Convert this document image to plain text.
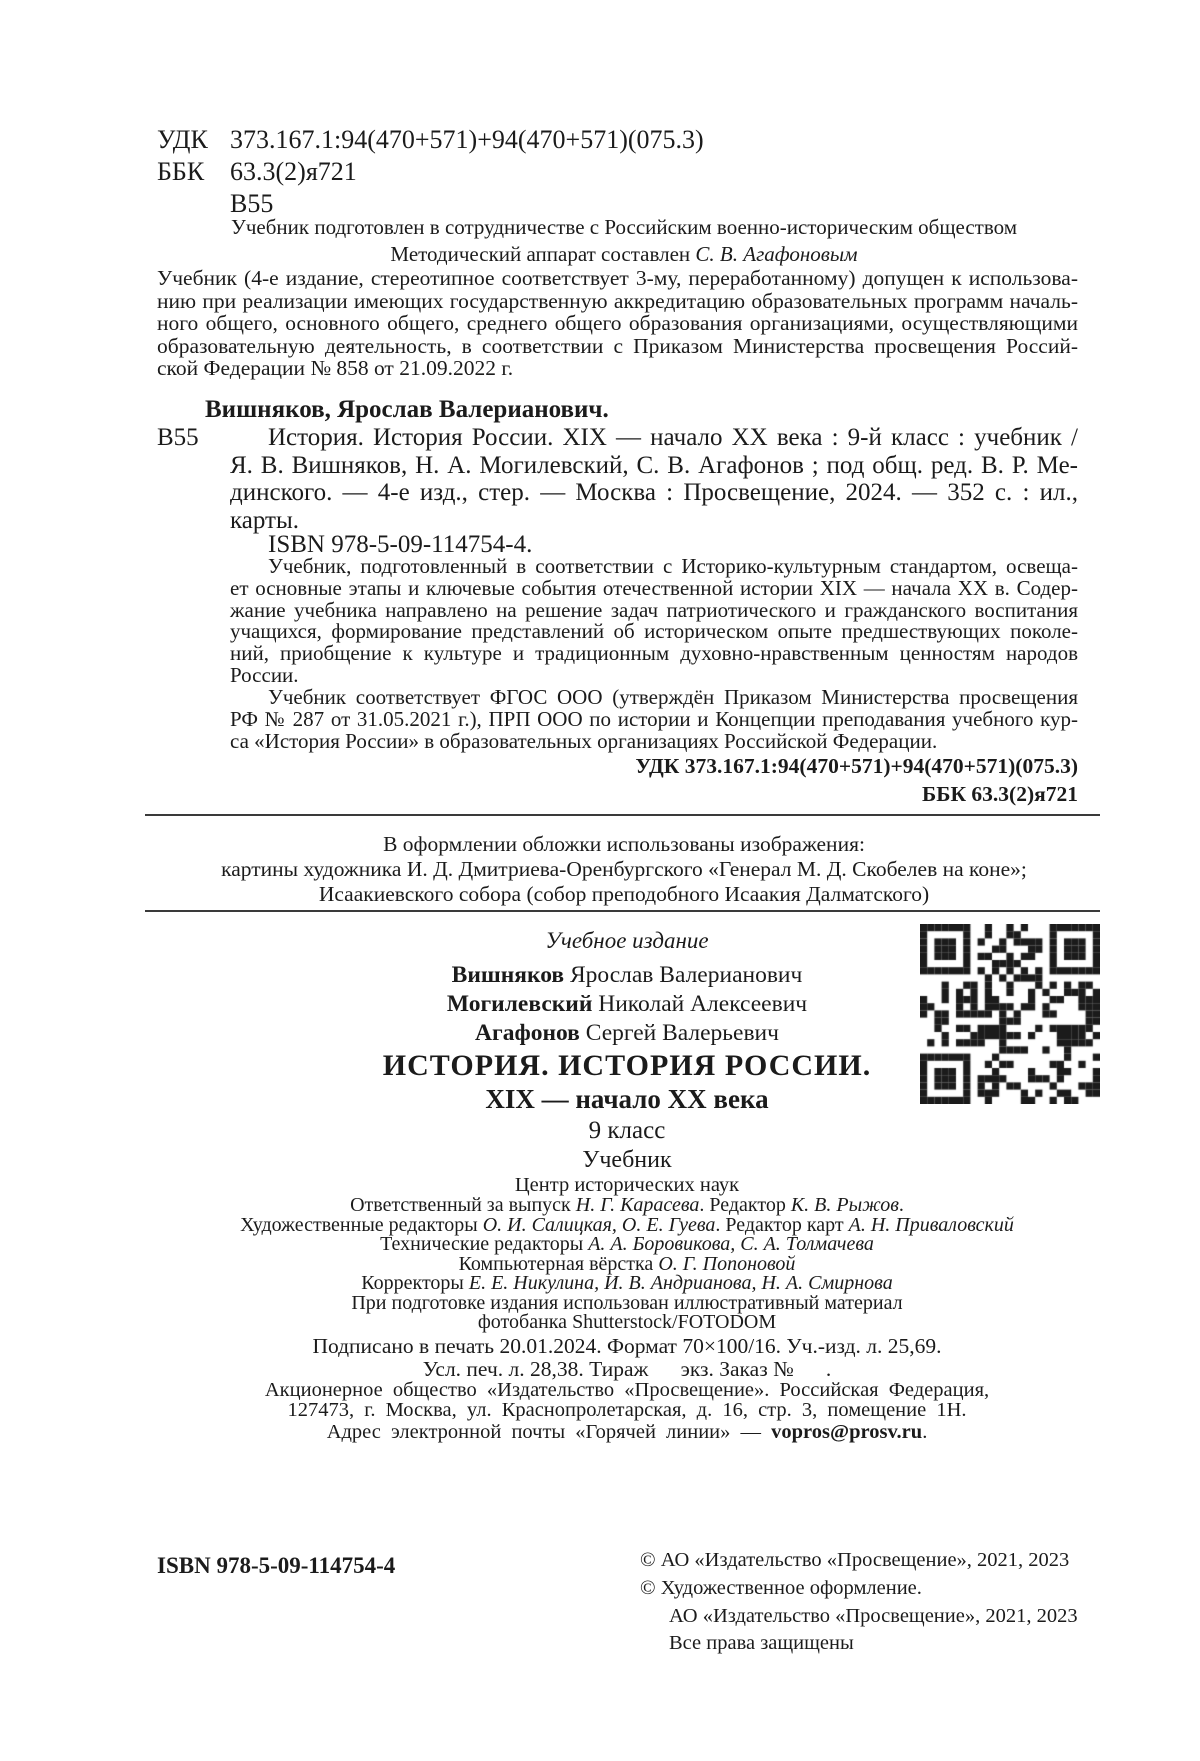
УДК 373.167.1:94(470+571)+94(470+571)(075.3)
ББК 63.3(2)я721
В55
Учебник подготовлен в сотрудничестве с Российским военно-историческим обществом
Методический аппарат составлен С. В. Агафоновым
Учебник (4-е издание, стереотипное соответствует 3-му, переработанному) допущен к использова-
нию при реализации имеющих государственную аккредитацию образовательных программ началь-
ного общего, основного общего, среднего общего образования организациями, осуществляющими
образовательную деятельность, в соответствии с Приказом Министерства просвещения Россий-
ской Федерации № 858 от 21.09.2022 г.
Вишняков, Ярослав Валерианович.
В55	История. История России. XIX — начало XX века : 9-й класс : учебник /
Я. В. Вишняков, Н. А. Могилевский, С. В. Агафонов ; под общ. ред. В. Р. Ме-
динского. — 4-е изд., стер. — Москва : Просвещение, 2024. — 352 с. : ил.,
карты.
ISBN 978-5-09-114754-4.
Учебник, подготовленный в соответствии с Историко-культурным стандартом, освеща-
ет основные этапы и ключевые события отечественной истории XIX — начала XX в. Содер-
жание учебника направлено на решение задач патриотического и гражданского воспитания
учащихся, формирование представлений об историческом опыте предшествующих поколе-
ний, приобщение к культуре и традиционным духовно-нравственным ценностям народов
России.
Учебник соответствует ФГОС ООО (утверждён Приказом Министерства просвещения
РФ № 287 от 31.05.2021 г.), ПРП ООО по истории и Концепции преподавания учебного кур-
са «История России» в образовательных организациях Российской Федерации.
УДК 373.167.1:94(470+571)+94(470+571)(075.3)
ББК 63.3(2)я721
В оформлении обложки использованы изображения:
картины художника И. Д. Дмитриева-Оренбургского «Генерал М. Д. Скобелев на коне»;
Исаакиевского собора (собор преподобного Исаакия Далматского)
Учебное издание
Вишняков Ярослав Валерианович
Могилевский Николай Алексеевич
Агафонов Сергей Валерьевич
ИСТОРИЯ. ИСТОРИЯ РОССИИ.
XIX — начало XX века
9 класс
Учебник
Центр исторических наук
Ответственный за выпуск Н. Г. Карасева. Редактор К. В. Рыжов.
Художественные редакторы О. И. Салицкая, О. Е. Гуева. Редактор карт А. Н. Приваловский
Технические редакторы А. А. Боровикова, С. А. Толмачева
Компьютерная вёрстка О. Г. Попоновой
Корректоры Е. Е. Никулина, И. В. Андрианова, Н. А. Смирнова
При подготовке издания использован иллюстративный материал
фотобанка Shutterstock/FOTODOM
Подписано в печать 20.01.2024. Формат 70×100/16. Уч.-изд. л. 25,69.
Усл. печ. л. 28,38. Тираж      экз. Заказ №      .
Акционерное общество «Издательство «Просвещение». Российская Федерация,
127473, г. Москва, ул. Краснопролетарская, д. 16, стр. 3, помещение 1Н.
Адрес электронной почты «Горячей линии» — vopros@prosv.ru.
ISBN 978-5-09-114754-4	© АО «Издательство «Просвещение», 2021, 2023
© Художественное оформление.
АО «Издательство «Просвещение», 2021, 2023
Все права защищены
